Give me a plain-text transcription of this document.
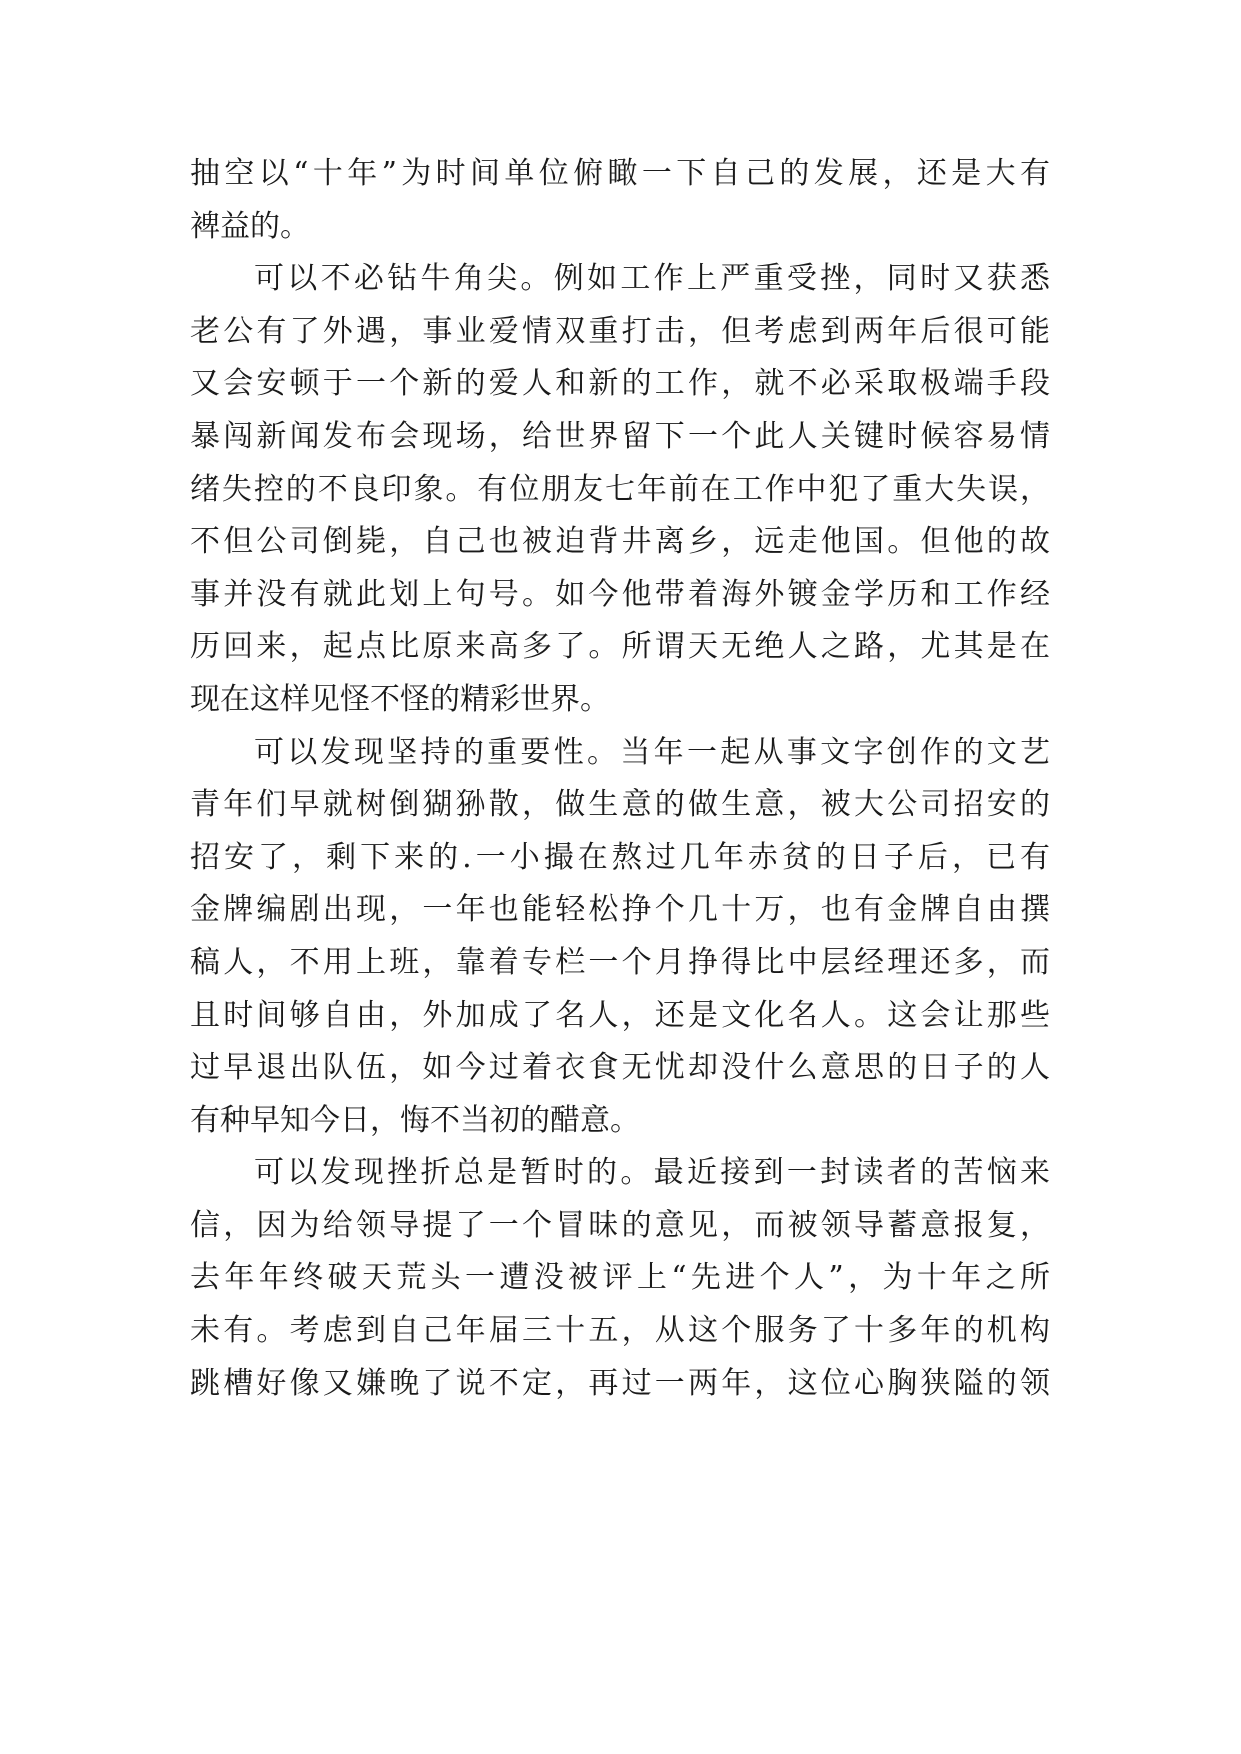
抽空以“十年”为时间单位俯瞰一下自己的发展，还是大有
裨益的。
可以不必钻牛角尖。例如工作上严重受挫，同时又获悉
老公有了外遇，事业爱情双重打击，但考虑到两年后很可能
又会安顿于一个新的爱人和新的工作，就不必采取极端手段
暴闯新闻发布会现场，给世界留下一个此人关键时候容易情
绪失控的不良印象。有位朋友七年前在工作中犯了重大失误，
不但公司倒毙，自己也被迫背井离乡，远走他国。但他的故
事并没有就此划上句号。如今他带着海外镀金学历和工作经
历回来，起点比原来高多了。所谓天无绝人之路，尤其是在
现在这样见怪不怪的精彩世界。
可以发现坚持的重要性。当年一起从事文字创作的文艺
青年们早就树倒猢狲散，做生意的做生意，被大公司招安的
招安了，剩下来的.一小撮在熬过几年赤贫的日子后，已有
金牌编剧出现，一年也能轻松挣个几十万，也有金牌自由撰
稿人，不用上班，靠着专栏一个月挣得比中层经理还多，而
且时间够自由，外加成了名人，还是文化名人。这会让那些
过早退出队伍，如今过着衣食无忧却没什么意思的日子的人
有种早知今日，悔不当初的醋意。
可以发现挫折总是暂时的。最近接到一封读者的苦恼来
信，因为给领导提了一个冒昧的意见，而被领导蓄意报复，
去年年终破天荒头一遭没被评上“先进个人”，为十年之所
未有。考虑到自己年届三十五，从这个服务了十多年的机构
跳槽好像又嫌晚了说不定，再过一两年，这位心胸狭隘的领
